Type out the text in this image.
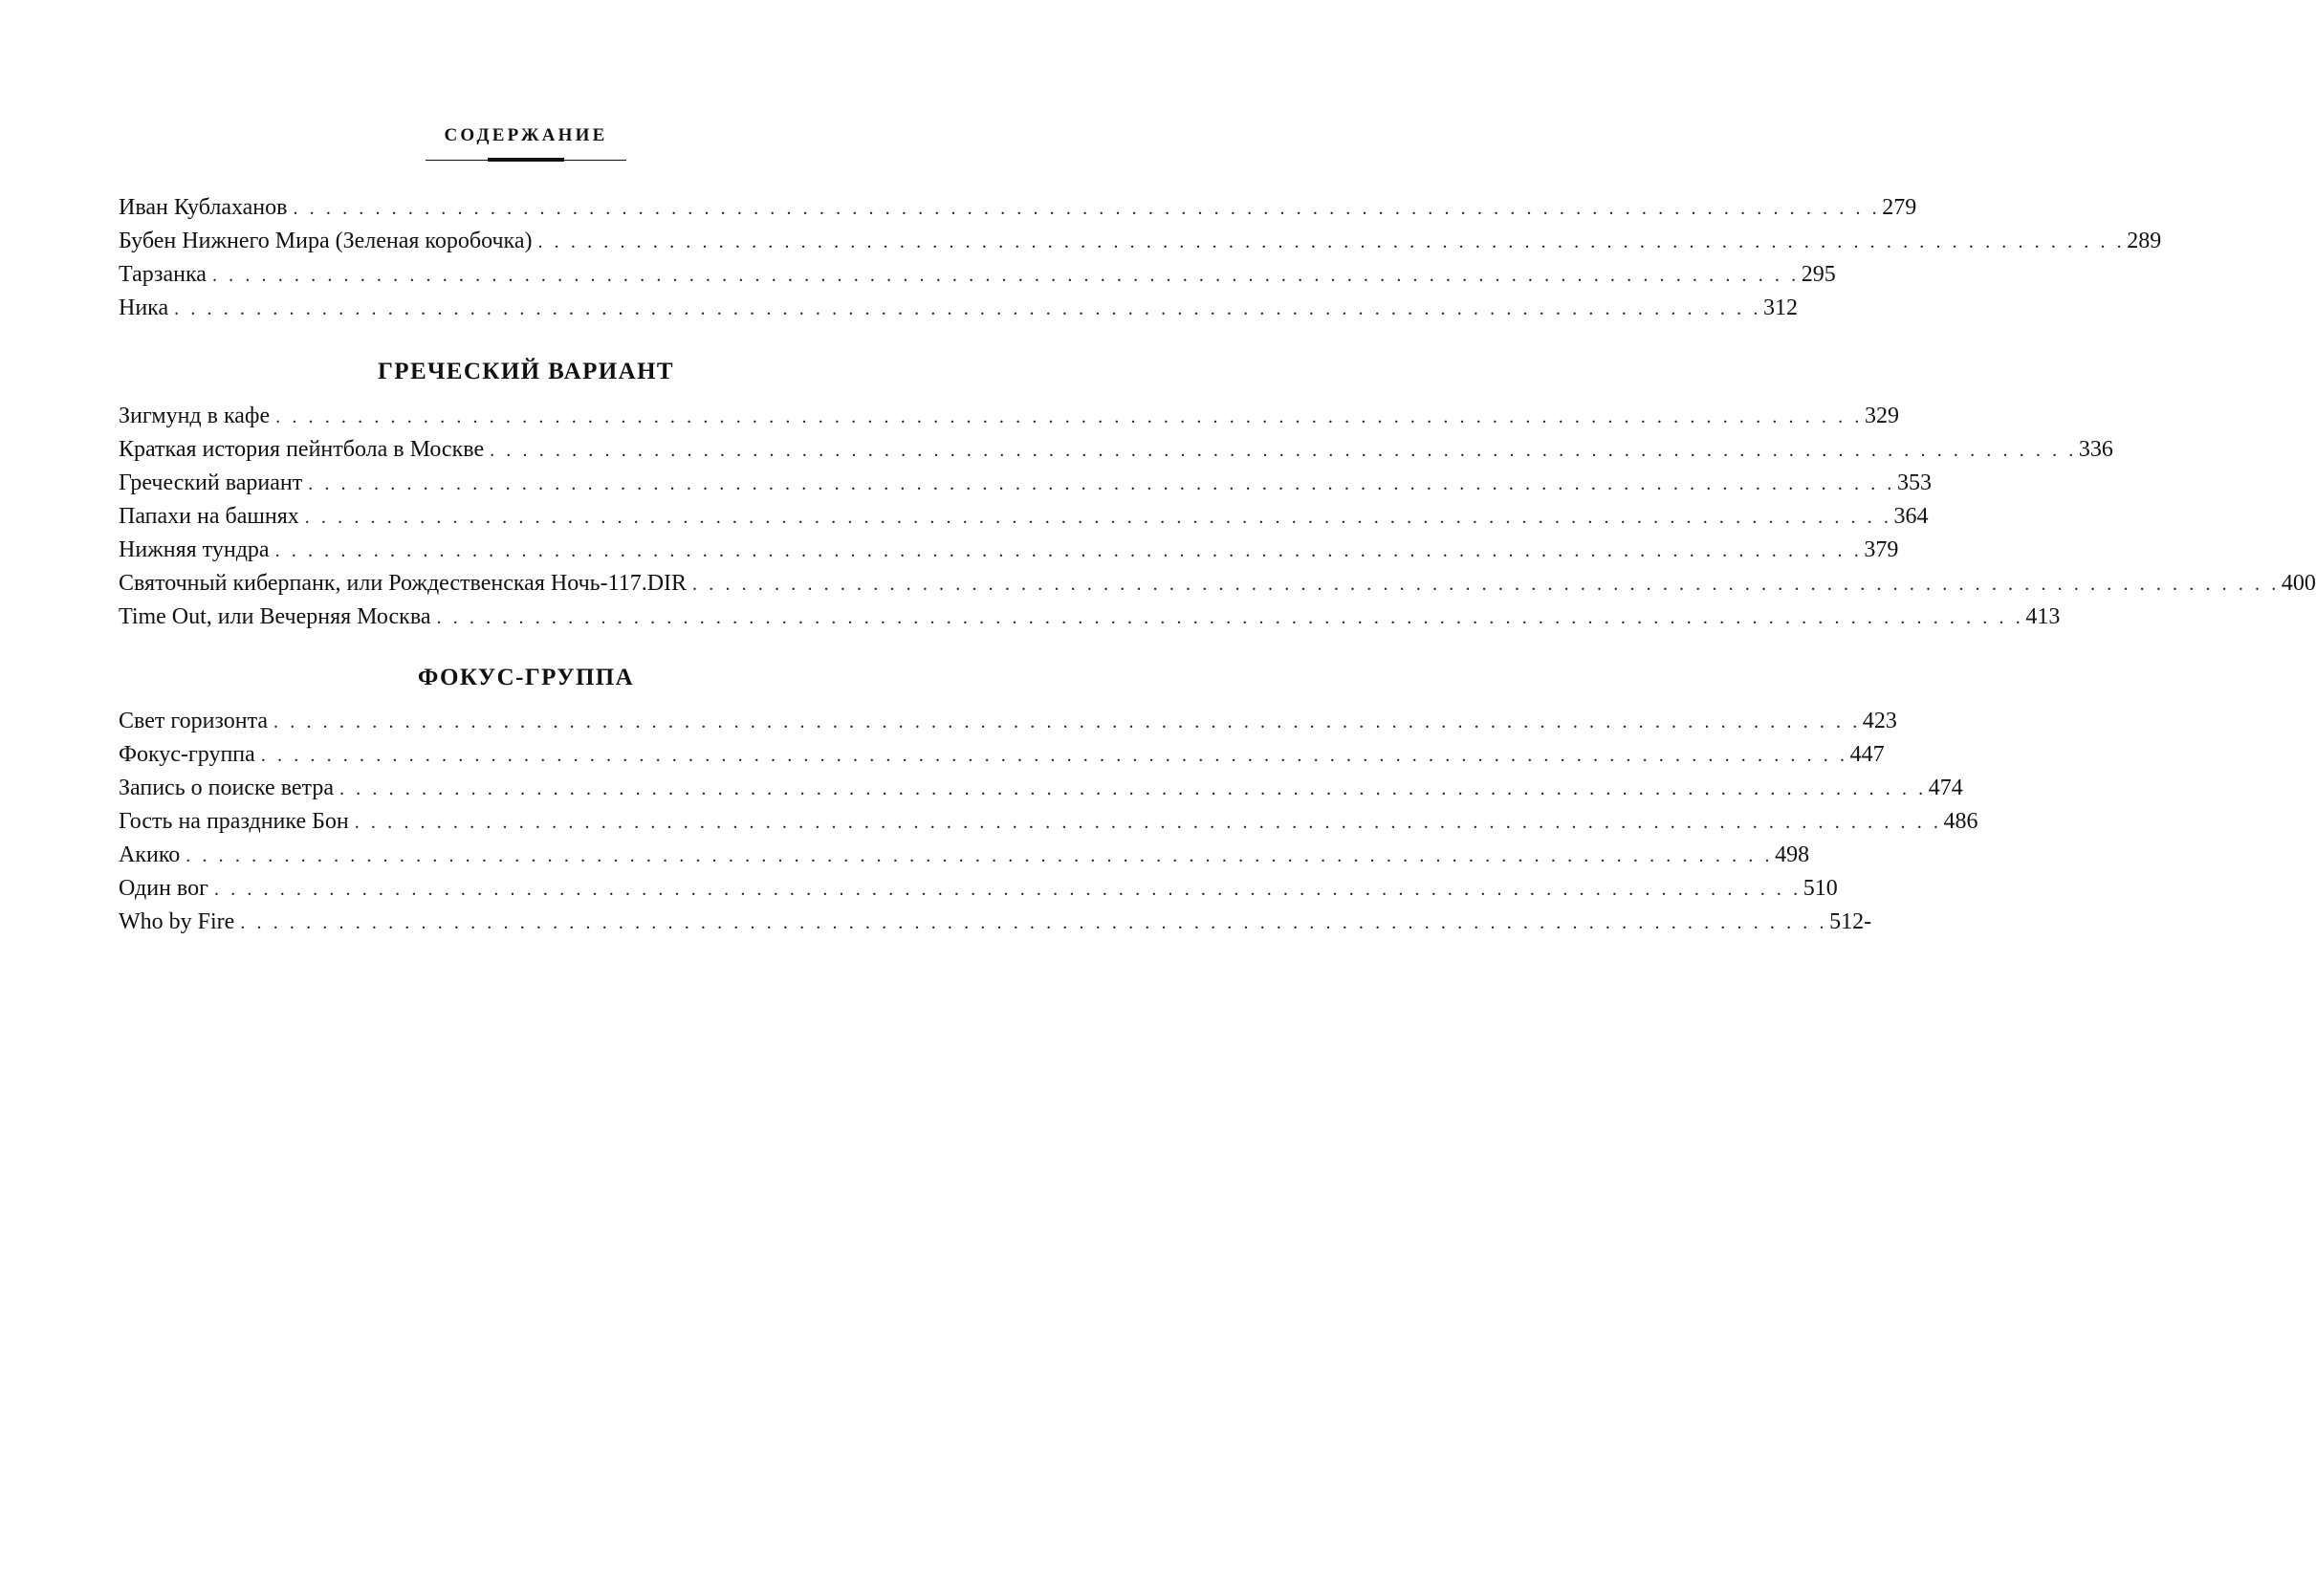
СОДЕРЖАНИЕ
Иван Кублаханов . . . . . . . . . . . . . . . . . . . . . . . . . . . . . . . . . . . . . . . . . . . . . . . . . . . . . . . . . . . . . . . . . . . . . . . . . . . . . . . . . . . . . . . . . . . . . . . . . 279
Бубен Нижнего Мира (Зеленая коробочка) . . . . . . . . . . . . . . . . . . . . . . . . . . . . . . . . . . . . . . . . . . . . . . . . . . . . . . . . . . . . . . . . . . . . . . . . . . . . . . . . . . . . . . . . . . . . . . . . . 289
Тарзанка . . . . . . . . . . . . . . . . . . . . . . . . . . . . . . . . . . . . . . . . . . . . . . . . . . . . . . . . . . . . . . . . . . . . . . . . . . . . . . . . . . . . . . . . . . . . . . . . . 295
Ника . . . . . . . . . . . . . . . . . . . . . . . . . . . . . . . . . . . . . . . . . . . . . . . . . . . . . . . . . . . . . . . . . . . . . . . . . . . . . . . . . . . . . . . . . . . . . . . . . 312
ГРЕЧЕСКИЙ ВАРИАНТ
Зигмунд в кафе . . . . . . . . . . . . . . . . . . . . . . . . . . . . . . . . . . . . . . . . . . . . . . . . . . . . . . . . . . . . . . . . . . . . . . . . . . . . . . . . . . . . . . . . . . . . . . . . . 329
Краткая история пейнтбола в Москве . . . . . . . . . . . . . . . . . . . . . . . . . . . . . . . . . . . . . . . . . . . . . . . . . . . . . . . . . . . . . . . . . . . . . . . . . . . . . . . . . . . . . . . . . . . . . . . . . 336
Греческий вариант . . . . . . . . . . . . . . . . . . . . . . . . . . . . . . . . . . . . . . . . . . . . . . . . . . . . . . . . . . . . . . . . . . . . . . . . . . . . . . . . . . . . . . . . . . . . . . . . . 353
Папахи на башнях . . . . . . . . . . . . . . . . . . . . . . . . . . . . . . . . . . . . . . . . . . . . . . . . . . . . . . . . . . . . . . . . . . . . . . . . . . . . . . . . . . . . . . . . . . . . . . . . . 364
Нижняя тундра . . . . . . . . . . . . . . . . . . . . . . . . . . . . . . . . . . . . . . . . . . . . . . . . . . . . . . . . . . . . . . . . . . . . . . . . . . . . . . . . . . . . . . . . . . . . . . . . . 379
Святочный киберпанк, или Рождественская Ночь-117.DIR . . . . . . . . . . . . . . . . . . . . . . . . . . . . . . . . . . . . . . . . . . . . . . . . . . . . . . . . . . . . . . . . . . . . . . . . . . . . . . . . . . . . . . . . . . . . . . . . . 400
Time Out, или Вечерняя Москва . . . . . . . . . . . . . . . . . . . . . . . . . . . . . . . . . . . . . . . . . . . . . . . . . . . . . . . . . . . . . . . . . . . . . . . . . . . . . . . . . . . . . . . . . . . . . . . . . 413
ФОКУС-ГРУППА
Свет горизонта . . . . . . . . . . . . . . . . . . . . . . . . . . . . . . . . . . . . . . . . . . . . . . . . . . . . . . . . . . . . . . . . . . . . . . . . . . . . . . . . . . . . . . . . . . . . . . . . . 423
Фокус-группа . . . . . . . . . . . . . . . . . . . . . . . . . . . . . . . . . . . . . . . . . . . . . . . . . . . . . . . . . . . . . . . . . . . . . . . . . . . . . . . . . . . . . . . . . . . . . . . . . 447
Запись о поиске ветра . . . . . . . . . . . . . . . . . . . . . . . . . . . . . . . . . . . . . . . . . . . . . . . . . . . . . . . . . . . . . . . . . . . . . . . . . . . . . . . . . . . . . . . . . . . . . . . . . 474
Гость на празднике Бон . . . . . . . . . . . . . . . . . . . . . . . . . . . . . . . . . . . . . . . . . . . . . . . . . . . . . . . . . . . . . . . . . . . . . . . . . . . . . . . . . . . . . . . . . . . . . . . . . 486
Акико . . . . . . . . . . . . . . . . . . . . . . . . . . . . . . . . . . . . . . . . . . . . . . . . . . . . . . . . . . . . . . . . . . . . . . . . . . . . . . . . . . . . . . . . . . . . . . . . . 498
Один вог . . . . . . . . . . . . . . . . . . . . . . . . . . . . . . . . . . . . . . . . . . . . . . . . . . . . . . . . . . . . . . . . . . . . . . . . . . . . . . . . . . . . . . . . . . . . . . . . . 510
Who by Fire . . . . . . . . . . . . . . . . . . . . . . . . . . . . . . . . . . . . . . . . . . . . . . . . . . . . . . . . . . . . . . . . . . . . . . . . . . . . . . . . . . . . . . . . . . . . . . . . . 512-
